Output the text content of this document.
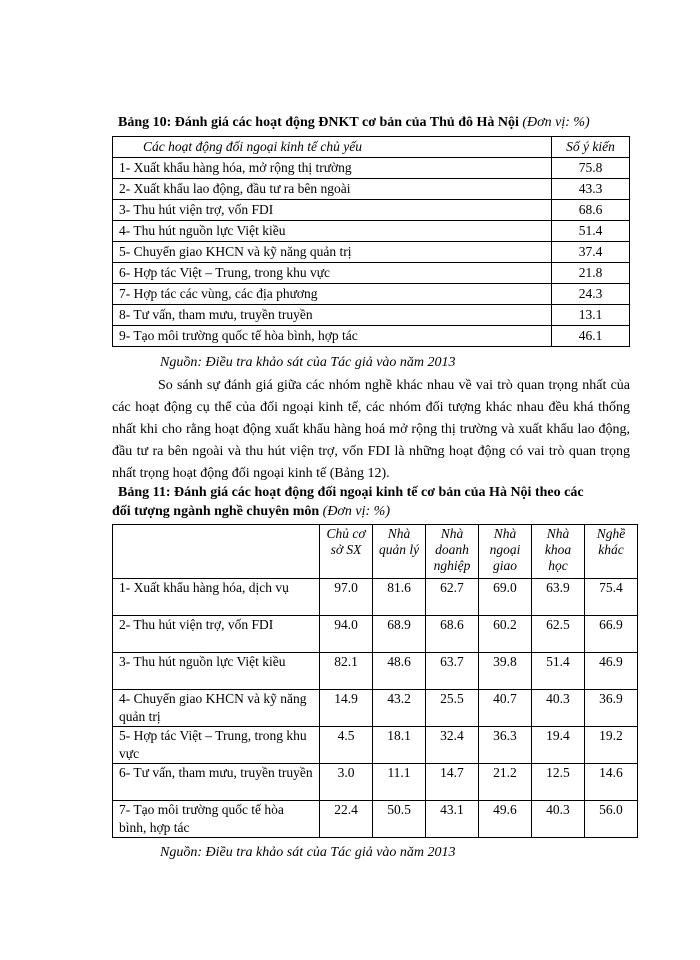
Bảng 10: Đánh giá các hoạt động ĐNKT cơ bản của Thủ đô Hà Nội (Đơn vị: %)
Các hoạt động đối ngoại kinh tế chủ yếu	Số ý kiến
1- Xuất khẩu hàng hóa, mở rộng thị trường	75.8
2- Xuất khẩu lao động, đầu tư ra bên ngoài	43.3
3- Thu hút viện trợ, vốn FDI	68.6
4- Thu hút nguồn lực Việt kiều	51.4
5- Chuyển giao KHCN và kỹ năng quản trị	37.4
6- Hợp tác Việt – Trung, trong khu vực	21.8
7- Hợp tác các vùng, các địa phương	24.3
8- Tư vấn, tham mưu, truyền truyền	13.1
9- Tạo môi trường quốc tế hòa bình, hợp tác	46.1
Nguồn: Điều tra khảo sát của Tác giả vào năm 2013

So sánh sự đánh giá giữa các nhóm nghề khác nhau về vai trò quan trọng nhất của các hoạt động cụ thể của đối ngoại kinh tế, các nhóm đối tượng khác nhau đều khá thống nhất khi cho rằng hoạt động xuất khẩu hàng hoá mở rộng thị trường và xuất khẩu lao động, đầu tư ra bên ngoài và thu hút viện trợ, vốn FDI là những hoạt động có vai trò quan trọng nhất trọng hoạt động đối ngoại kinh tế (Bảng 12).

Bảng 11: Đánh giá các hoạt động đối ngoại kinh tế cơ bản của Hà Nội theo các
đối tượng ngành nghề chuyên môn (Đơn vị: %)
	Chủ cơ sở SX	Nhà quản lý	Nhà doanh nghiệp	Nhà ngoại giao	Nhà khoa học	Nghề khác
1- Xuất khẩu hàng hóa, dịch vụ	97.0	81.6	62.7	69.0	63.9	75.4
2- Thu hút viện trợ, vốn FDI	94.0	68.9	68.6	60.2	62.5	66.9
3- Thu hút nguồn lực Việt kiều	82.1	48.6	63.7	39.8	51.4	46.9
4- Chuyển giao KHCN và kỹ năng quản trị	14.9	43.2	25.5	40.7	40.3	36.9
5- Hợp tác Việt – Trung, trong khu vực	4.5	18.1	32.4	36.3	19.4	19.2
6- Tư vấn, tham mưu, truyền truyền	3.0	11.1	14.7	21.2	12.5	14.6
7- Tạo môi trường quốc tế hòa bình, hợp tác	22.4	50.5	43.1	49.6	40.3	56.0
Nguồn: Điều tra khảo sát của Tác giả vào năm 2013
